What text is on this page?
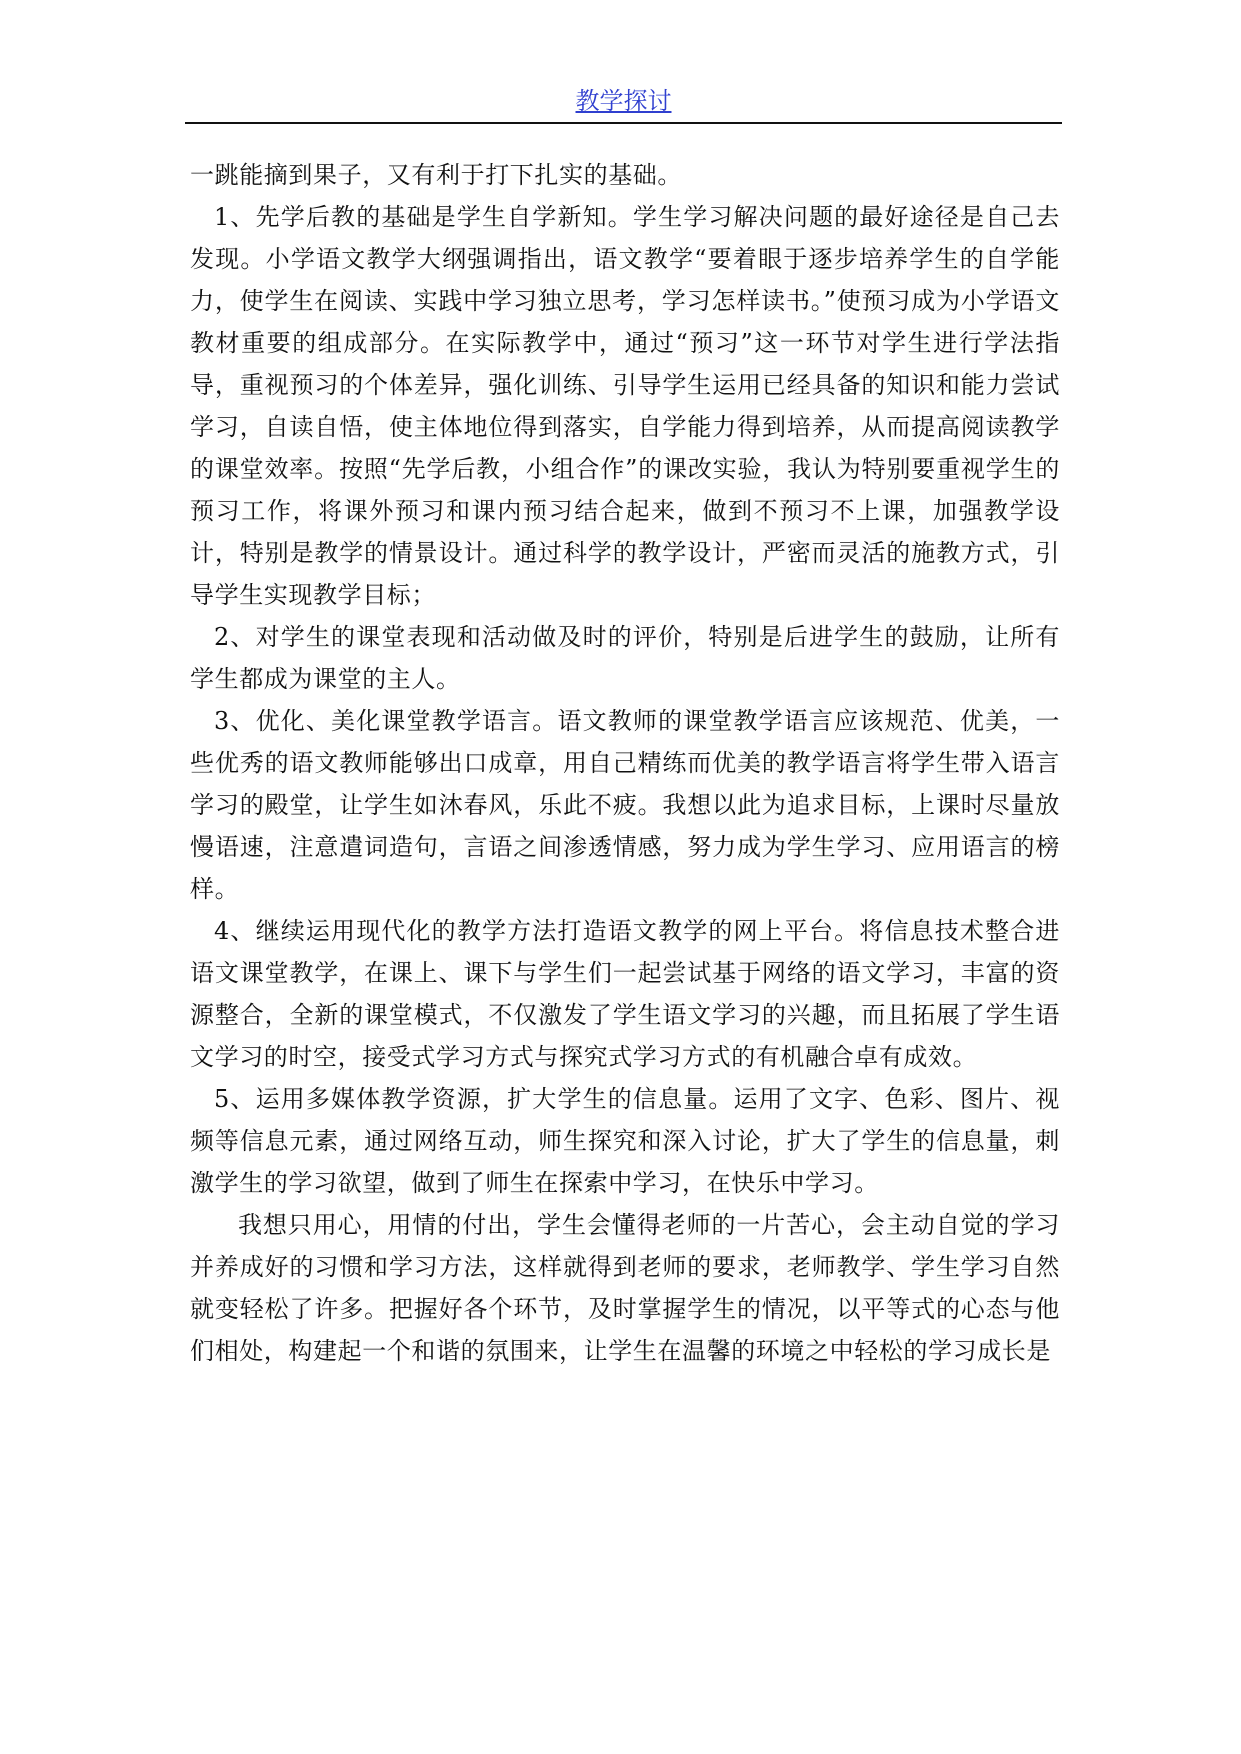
教学探讨

一跳能摘到果子，又有利于打下扎实的基础。

1、先学后教的基础是学生自学新知。学生学习解决问题的最好途径是自己去发现。小学语文教学大纲强调指出，语文教学“要着眼于逐步培养学生的自学能力，使学生在阅读、实践中学习独立思考，学习怎样读书。”使预习成为小学语文教材重要的组成部分。在实际教学中，通过“预习”这一环节对学生进行学法指导，重视预习的个体差异，强化训练、引导学生运用已经具备的知识和能力尝试学习，自读自悟，使主体地位得到落实，自学能力得到培养，从而提高阅读教学的课堂效率。按照“先学后教，小组合作”的课改实验，我认为特别要重视学生的预习工作，将课外预习和课内预习结合起来，做到不预习不上课，加强教学设计，特别是教学的情景设计。通过科学的教学设计，严密而灵活的施教方式，引导学生实现教学目标；

2、对学生的课堂表现和活动做及时的评价，特别是后进学生的鼓励，让所有学生都成为课堂的主人。

3、优化、美化课堂教学语言。语文教师的课堂教学语言应该规范、优美，一些优秀的语文教师能够出口成章，用自己精练而优美的教学语言将学生带入语言学习的殿堂，让学生如沐春风，乐此不疲。我想以此为追求目标，上课时尽量放慢语速，注意遣词造句，言语之间渗透情感，努力成为学生学习、应用语言的榜样。

4、继续运用现代化的教学方法打造语文教学的网上平台。将信息技术整合进语文课堂教学，在课上、课下与学生们一起尝试基于网络的语文学习，丰富的资源整合，全新的课堂模式，不仅激发了学生语文学习的兴趣，而且拓展了学生语文学习的时空，接受式学习方式与探究式学习方式的有机融合卓有成效。

5、运用多媒体教学资源，扩大学生的信息量。运用了文字、色彩、图片、视频等信息元素，通过网络互动，师生探究和深入讨论，扩大了学生的信息量，刺激学生的学习欲望，做到了师生在探索中学习，在快乐中学习。

我想只用心，用情的付出，学生会懂得老师的一片苦心，会主动自觉的学习并养成好的习惯和学习方法，这样就得到老师的要求，老师教学、学生学习自然就变轻松了许多。把握好各个环节，及时掌握学生的情况，以平等式的心态与他们相处，构建起一个和谐的氛围来，让学生在温馨的环境之中轻松的学习成长是
